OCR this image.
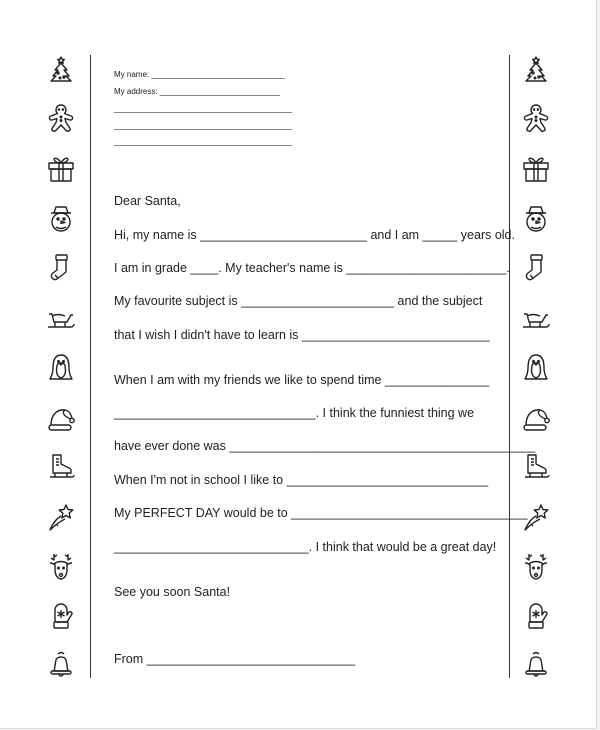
My name: ______________________________
My address: ___________________________
________________________________________
________________________________________
________________________________________
Dear Santa,
Hi, my name is ________________________ and I am _____ years old.
I am in grade ____. My teacher's name is _______________________.
My favourite subject is ______________________ and the subject
that I wish I didn't have to learn is ___________________________
When I am with my friends we like to spend time _______________
_____________________________. I think the funniest thing we
have ever done was ____________________________________________
When I'm not in school I like to _____________________________
My PERFECT DAY would be to __________________________________
____________________________. I think that would be a great day!
See you soon Santa!
From ______________________________
